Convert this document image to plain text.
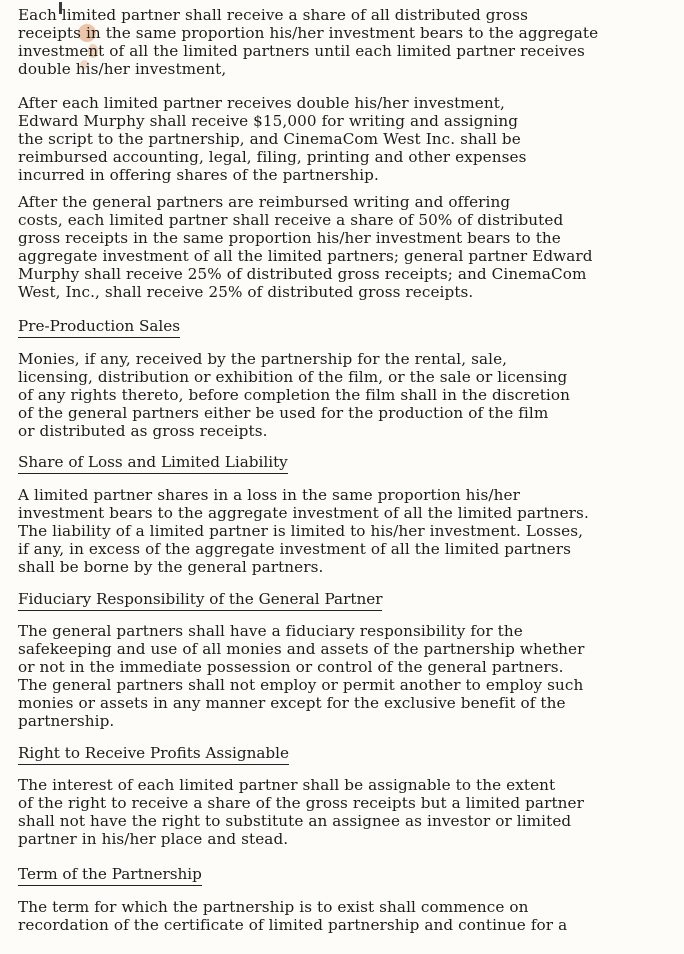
Each limited partner shall receive a share of all distributed gross
receipts in the same proportion his/her investment bears to the aggregate
investment of all the limited partners until each limited partner receives
double his/her investment,
After each limited partner receives double his/her investment,
Edward Murphy shall receive $15,000 for writing and assigning
the script to the partnership, and CinemaCom West Inc. shall be
reimbursed accounting, legal, filing, printing and other expenses
incurred in offering shares of the partnership.
After the general partners are reimbursed writing and offering
costs, each limited partner shall receive a share of 50% of distributed
gross receipts in the same proportion his/her investment bears to the
aggregate investment of all the limited partners; general partner Edward
Murphy shall receive 25% of distributed gross receipts; and CinemaCom
West, Inc., shall receive 25% of distributed gross receipts.
Pre-Production Sales
Monies, if any, received by the partnership for the rental, sale,
licensing, distribution or exhibition of the film, or the sale or licensing
of any rights thereto, before completion the film shall in the discretion
of the general partners either be used for the production of the film
or distributed as gross receipts.
Share of Loss and Limited Liability
A limited partner shares in a loss in the same proportion his/her
investment bears to the aggregate investment of all the limited partners.
The liability of a limited partner is limited to his/her investment. Losses,
if any, in excess of the aggregate investment of all the limited partners
shall be borne by the general partners.
Fiduciary Responsibility of the General Partner
The general partners shall have a fiduciary responsibility for the
safekeeping and use of all monies and assets of the partnership whether
or not in the immediate possession or control of the general partners.
The general partners shall not employ or permit another to employ such
monies or assets in any manner except for the exclusive benefit of the
partnership.
Right to Receive Profits Assignable
The interest of each limited partner shall be assignable to the extent
of the right to receive a share of the gross receipts but a limited partner
shall not have the right to substitute an assignee as investor or limited
partner in his/her place and stead.
Term of the Partnership
The term for which the partnership is to exist shall commence on
recordation of the certificate of limited partnership and continue for a
